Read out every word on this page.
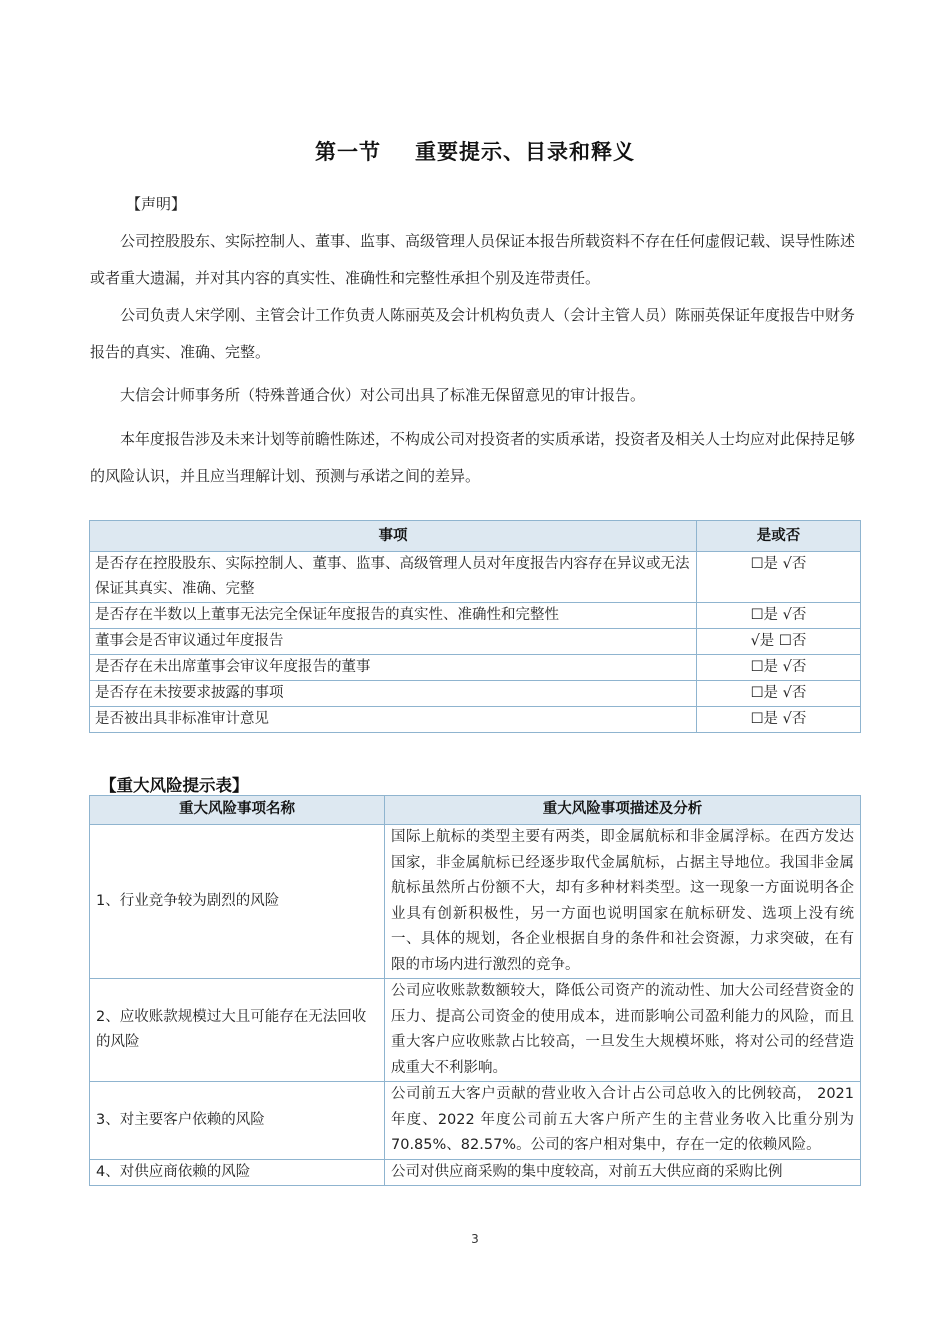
第一节 重要提示、目录和释义
【声明】

公司控股股东、实际控制人、董事、监事、高级管理人员保证本报告所载资料不存在任何虚假记载、误导性陈述或者重大遗漏，并对其内容的真实性、准确性和完整性承担个别及连带责任。

公司负责人宋学刚、主管会计工作负责人陈丽英及会计机构负责人（会计主管人员）陈丽英保证年度报告中财务报告的真实、准确、完整。

大信会计师事务所（特殊普通合伙）对公司出具了标准无保留意见的审计报告。

本年度报告涉及未来计划等前瞻性陈述，不构成公司对投资者的实质承诺，投资者及相关人士均应对此保持足够的风险认识，并且应当理解计划、预测与承诺之间的差异。

事项	是或否
是否存在控股股东、实际控制人、董事、监事、高级管理人员对年度报告内容存在异议或无法保证其真实、准确、完整	☐是 √否
是否存在半数以上董事无法完全保证年度报告的真实性、准确性和完整性	☐是 √否
董事会是否审议通过年度报告	√是 ☐否
是否存在未出席董事会审议年度报告的董事	☐是 √否
是否存在未按要求披露的事项	☐是 √否
是否被出具非标准审计意见	☐是 √否
【重大风险提示表】
重大风险事项名称	重大风险事项描述及分析
1、行业竞争较为剧烈的风险	国际上航标的类型主要有两类，即金属航标和非金属浮标。在西方发达国家，非金属航标已经逐步取代金属航标，占据主导地位。我国非金属航标虽然所占份额不大，却有多种材料类型。这一现象一方面说明各企业具有创新积极性，另一方面也说明国家在航标研发、选项上没有统一、具体的规划，各企业根据自身的条件和社会资源，力求突破，在有限的市场内进行激烈的竞争。
2、应收账款规模过大且可能存在无法回收的风险	公司应收账款数额较大，降低公司资产的流动性、加大公司经营资金的压力、提高公司资金的使用成本，进而影响公司盈利能力的风险，而且重大客户应收账款占比较高，一旦发生大规模坏账，将对公司的经营造成重大不利影响。
3、对主要客户依赖的风险	公司前五大客户贡献的营业收入合计占公司总收入的比例较高， 2021 年度、2022 年度公司前五大客户所产生的主营业务收入比重分别为 70.85%、82.57%。公司的客户相对集中，存在一定的依赖风险。
4、对供应商依赖的风险	公司对供应商采购的集中度较高，对前五大供应商的采购比例
3
